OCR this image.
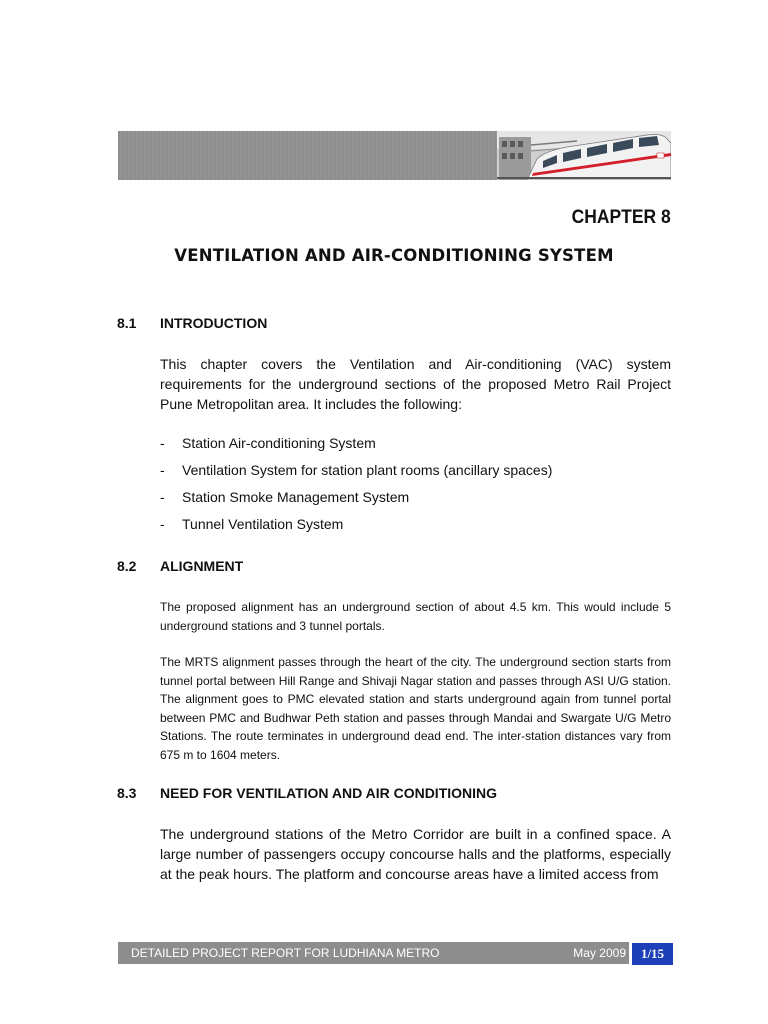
CHAPTER 8
VENTILATION AND AIR-CONDITIONING SYSTEM
8.1 INTRODUCTION
This chapter covers the Ventilation and Air-conditioning (VAC) system requirements for the underground sections of the proposed Metro Rail Project Pune Metropolitan area. It includes the following:
-	Station Air-conditioning System
-	Ventilation System for station plant rooms (ancillary spaces)
-	Station Smoke Management System
-	Tunnel Ventilation System
8.2 ALIGNMENT
The proposed alignment has an underground section of about 4.5 km. This would include 5 underground stations and 3 tunnel portals.
The MRTS alignment passes through the heart of the city. The underground section starts from tunnel portal between Hill Range and Shivaji Nagar station and passes through ASI U/G station. The alignment goes to PMC elevated station and starts underground again from tunnel portal between PMC and Budhwar Peth station and passes through Mandai and Swargate U/G Metro Stations. The route terminates in underground dead end. The inter-station distances vary from 675 m to 1604 meters.
8.3 NEED FOR VENTILATION AND AIR CONDITIONING
The underground stations of the Metro Corridor are built in a confined space. A large number of passengers occupy concourse halls and the platforms, especially at the peak hours. The platform and concourse areas have a limited access from
DETAILED PROJECT REPORT FOR LUDHIANA METRO	May 2009	1/15
